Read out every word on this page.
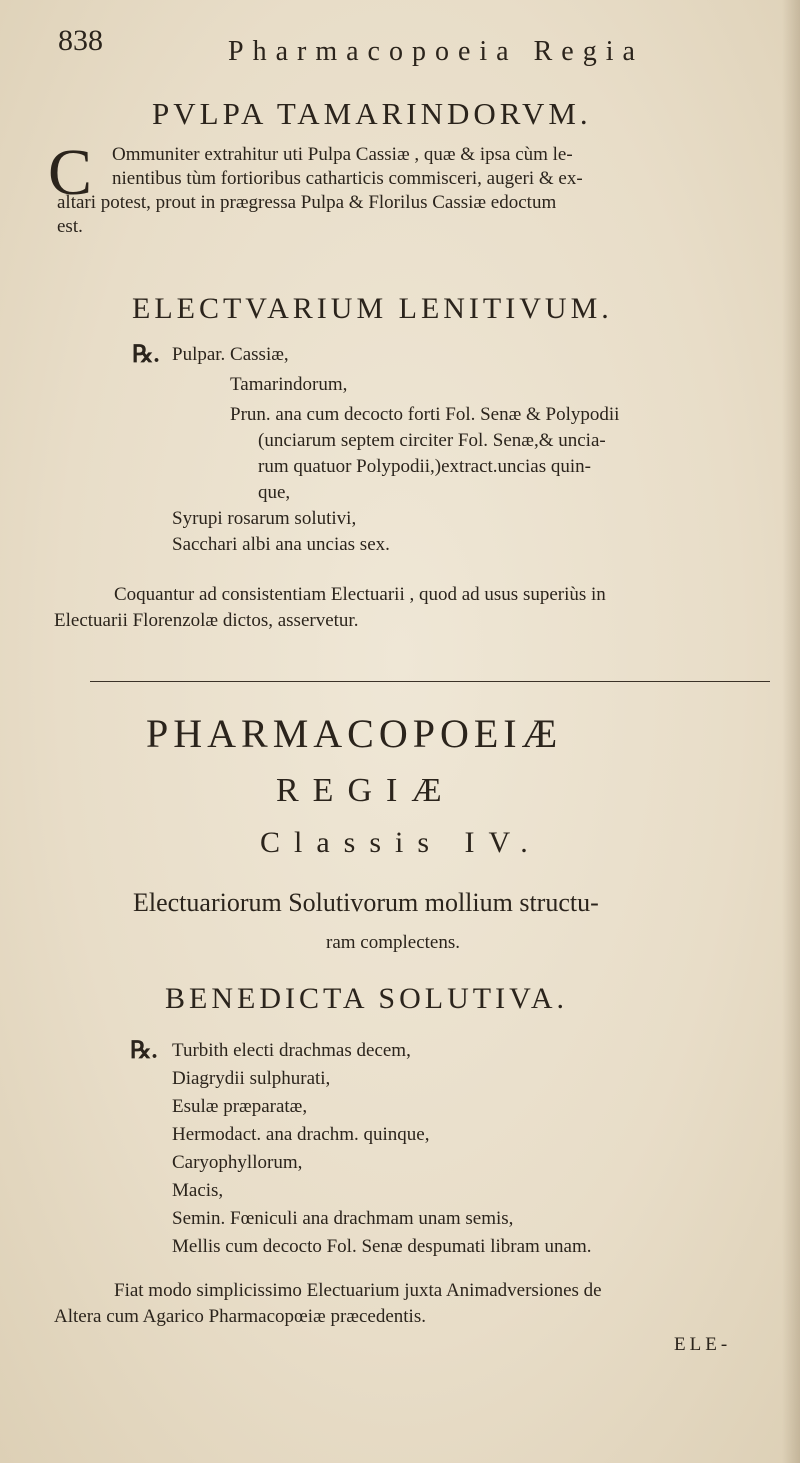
838	Pharmacopoeia Regia
PVLPA TAMARINDORVM.
C Ommuniter extrahitur uti Pulpa Cassiæ , quæ & ipsa cùm le-
nientibus tùm fortioribus catharticis commisceri, augeri & ex-
altari potest, prout in prægressa Pulpa & Florilus Cassiæ edoctum
est.
ELECTVARIUM LENITIVUM.
℞. Pulpar. Cassiæ,
Tamarindorum,
Prun. ana cum decocto forti Fol. Senæ & Polypodii
(unciarum septem circiter Fol. Senæ,& uncia-
rum quatuor Polypodii,)extract.uncias quin-
que,
Syrupi rosarum solutivi,
Sacchari albi ana uncias sex.
Coquantur ad consistentiam Electuarii , quod ad usus superiùs in
Electuarii Florenzolæ dictos, asservetur.
PHARMACOPOEIÆ
REGIÆ
Classis IV.
Electuariorum Solutivorum mollium structu-
ram complectens.
BENEDICTA SOLUTIVA.
℞. Turbith electi drachmas decem,
Diagrydii sulphurati,
Esulæ præparatæ,
Hermodact. ana drachm. quinque,
Caryophyllorum,
Macis,
Semin. Fœniculi ana drachmam unam semis,
Mellis cum decocto Fol. Senæ despumati libram unam.
Fiat modo simplicissimo Electuarium juxta Animadversiones de
Altera cum Agarico Pharmacopœiæ præcedentis.
ELE-
